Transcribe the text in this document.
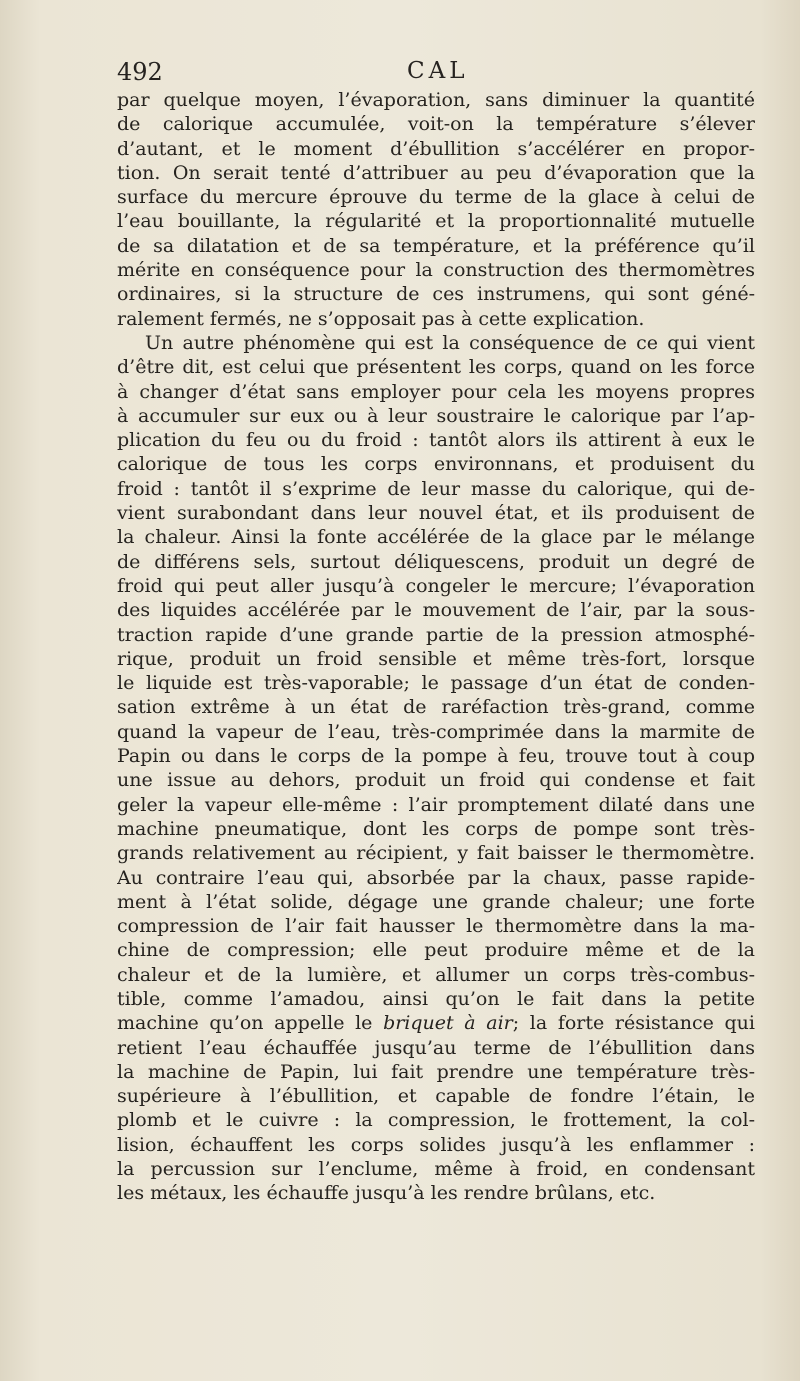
492	CAL
par quelque moyen, l’évaporation, sans diminuer la quantité
de calorique accumulée, voit-on la température s’élever
d’autant, et le moment d’ébullition s’accélérer en propor-
tion. On serait tenté d’attribuer au peu d’évaporation que la
surface du mercure éprouve du terme de la glace à celui de
l’eau bouillante, la régularité et la proportionnalité mutuelle
de sa dilatation et de sa température, et la préférence qu’il
mérite en conséquence pour la construction des thermomètres
ordinaires, si la structure de ces instrumens, qui sont géné-
ralement fermés, ne s’opposait pas à cette explication.
Un autre phénomène qui est la conséquence de ce qui vient
d’être dit, est celui que présentent les corps, quand on les force
à changer d’état sans employer pour cela les moyens propres
à accumuler sur eux ou à leur soustraire le calorique par l’ap-
plication du feu ou du froid : tantôt alors ils attirent à eux le
calorique de tous les corps environnans, et produisent du
froid : tantôt il s’exprime de leur masse du calorique, qui de-
vient surabondant dans leur nouvel état, et ils produisent de
la chaleur. Ainsi la fonte accélérée de la glace par le mélange
de différens sels, surtout déliquescens, produit un degré de
froid qui peut aller jusqu’à congeler le mercure; l’évaporation
des liquides accélérée par le mouvement de l’air, par la sous-
traction rapide d’une grande partie de la pression atmosphé-
rique, produit un froid sensible et même très-fort, lorsque
le liquide est très-vaporable; le passage d’un état de conden-
sation extrême à un état de raréfaction très-grand, comme
quand la vapeur de l’eau, très-comprimée dans la marmite de
Papin ou dans le corps de la pompe à feu, trouve tout à coup
une issue au dehors, produit un froid qui condense et fait
geler la vapeur elle-même : l’air promptement dilaté dans une
machine pneumatique, dont les corps de pompe sont très-
grands relativement au récipient, y fait baisser le thermomètre.
Au contraire l’eau qui, absorbée par la chaux, passe rapide-
ment à l’état solide, dégage une grande chaleur; une forte
compression de l’air fait hausser le thermomètre dans la ma-
chine de compression; elle peut produire même et de la
chaleur et de la lumière, et allumer un corps très-combus-
tible, comme l’amadou, ainsi qu’on le fait dans la petite
machine qu’on appelle le briquet à air; la forte résistance qui
retient l’eau échauffée jusqu’au terme de l’ébullition dans
la machine de Papin, lui fait prendre une température très-
supérieure à l’ébullition, et capable de fondre l’étain, le
plomb et le cuivre : la compression, le frottement, la col-
lision, échauffent les corps solides jusqu’à les enflammer :
la percussion sur l’enclume, même à froid, en condensant
les métaux, les échauffe jusqu’à les rendre brûlans, etc.
